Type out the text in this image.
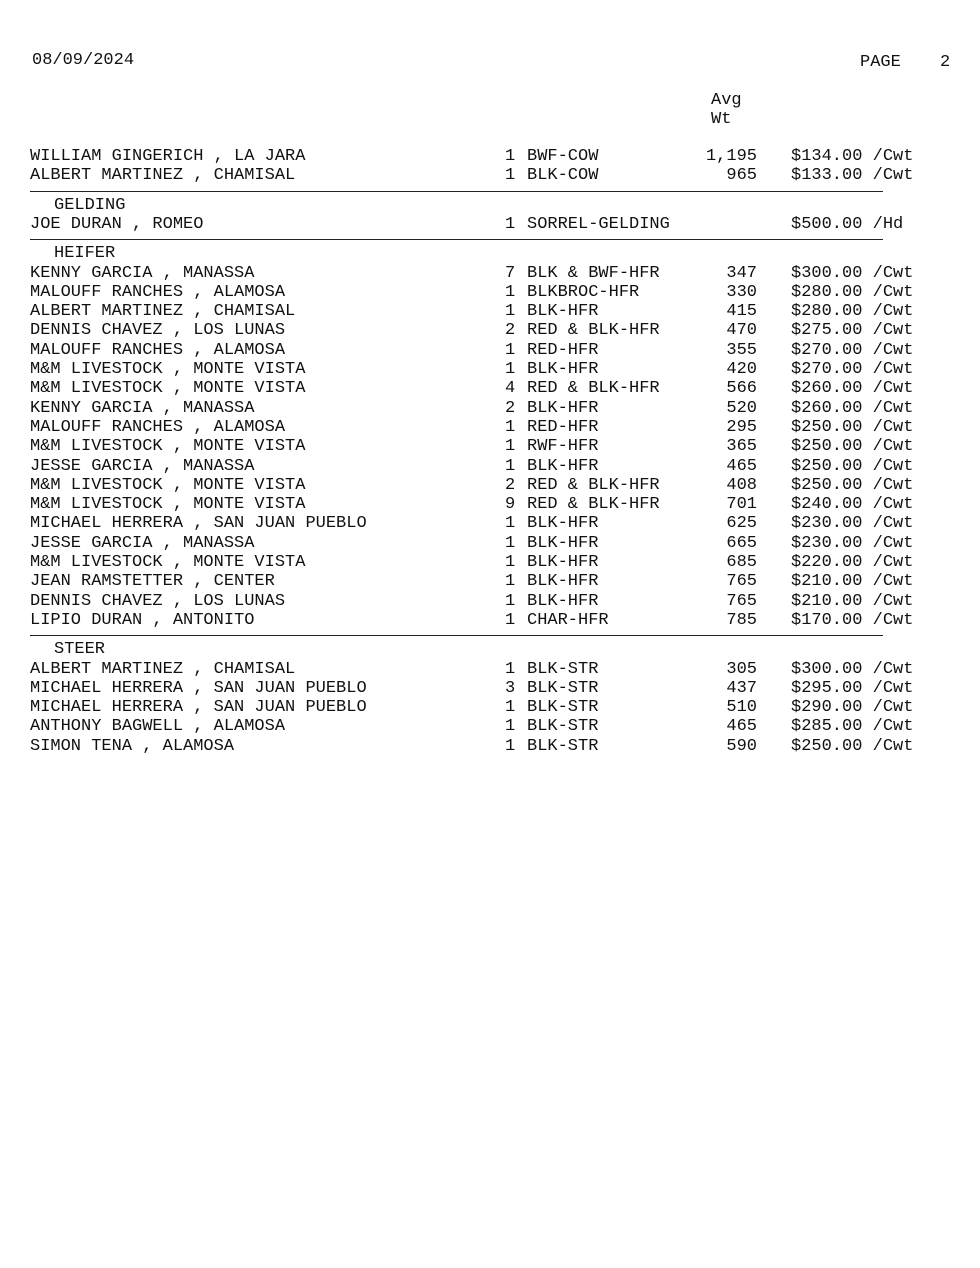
08/09/2024	PAGE 2
Avg
Wt
WILLIAM GINGERICH , LA JARA	1 BWF-COW	1,195 $134.00 /Cwt
ALBERT MARTINEZ , CHAMISAL	1 BLK-COW	965 $133.00 /Cwt
GELDING
JOE DURAN , ROMEO	1 SORREL-GELDING	$500.00 /Hd
HEIFER
KENNY GARCIA , MANASSA	7 BLK & BWF-HFR	347 $300.00 /Cwt
MALOUFF RANCHES , ALAMOSA	1 BLKBROC-HFR	330 $280.00 /Cwt
ALBERT MARTINEZ , CHAMISAL	1 BLK-HFR	415 $280.00 /Cwt
DENNIS CHAVEZ , LOS LUNAS	2 RED & BLK-HFR	470 $275.00 /Cwt
MALOUFF RANCHES , ALAMOSA	1 RED-HFR	355 $270.00 /Cwt
M&M LIVESTOCK , MONTE VISTA	1 BLK-HFR	420 $270.00 /Cwt
M&M LIVESTOCK , MONTE VISTA	4 RED & BLK-HFR	566 $260.00 /Cwt
KENNY GARCIA , MANASSA	2 BLK-HFR	520 $260.00 /Cwt
MALOUFF RANCHES , ALAMOSA	1 RED-HFR	295 $250.00 /Cwt
M&M LIVESTOCK , MONTE VISTA	1 RWF-HFR	365 $250.00 /Cwt
JESSE GARCIA , MANASSA	1 BLK-HFR	465 $250.00 /Cwt
M&M LIVESTOCK , MONTE VISTA	2 RED & BLK-HFR	408 $250.00 /Cwt
M&M LIVESTOCK , MONTE VISTA	9 RED & BLK-HFR	701 $240.00 /Cwt
MICHAEL HERRERA , SAN JUAN PUEBLO	1 BLK-HFR	625 $230.00 /Cwt
JESSE GARCIA , MANASSA	1 BLK-HFR	665 $230.00 /Cwt
M&M LIVESTOCK , MONTE VISTA	1 BLK-HFR	685 $220.00 /Cwt
JEAN RAMSTETTER , CENTER	1 BLK-HFR	765 $210.00 /Cwt
DENNIS CHAVEZ , LOS LUNAS	1 BLK-HFR	765 $210.00 /Cwt
LIPIO DURAN , ANTONITO	1 CHAR-HFR	785 $170.00 /Cwt
STEER
ALBERT MARTINEZ , CHAMISAL	1 BLK-STR	305 $300.00 /Cwt
MICHAEL HERRERA , SAN JUAN PUEBLO	3 BLK-STR	437 $295.00 /Cwt
MICHAEL HERRERA , SAN JUAN PUEBLO	1 BLK-STR	510 $290.00 /Cwt
ANTHONY BAGWELL , ALAMOSA	1 BLK-STR	465 $285.00 /Cwt
SIMON TENA , ALAMOSA	1 BLK-STR	590 $250.00 /Cwt
